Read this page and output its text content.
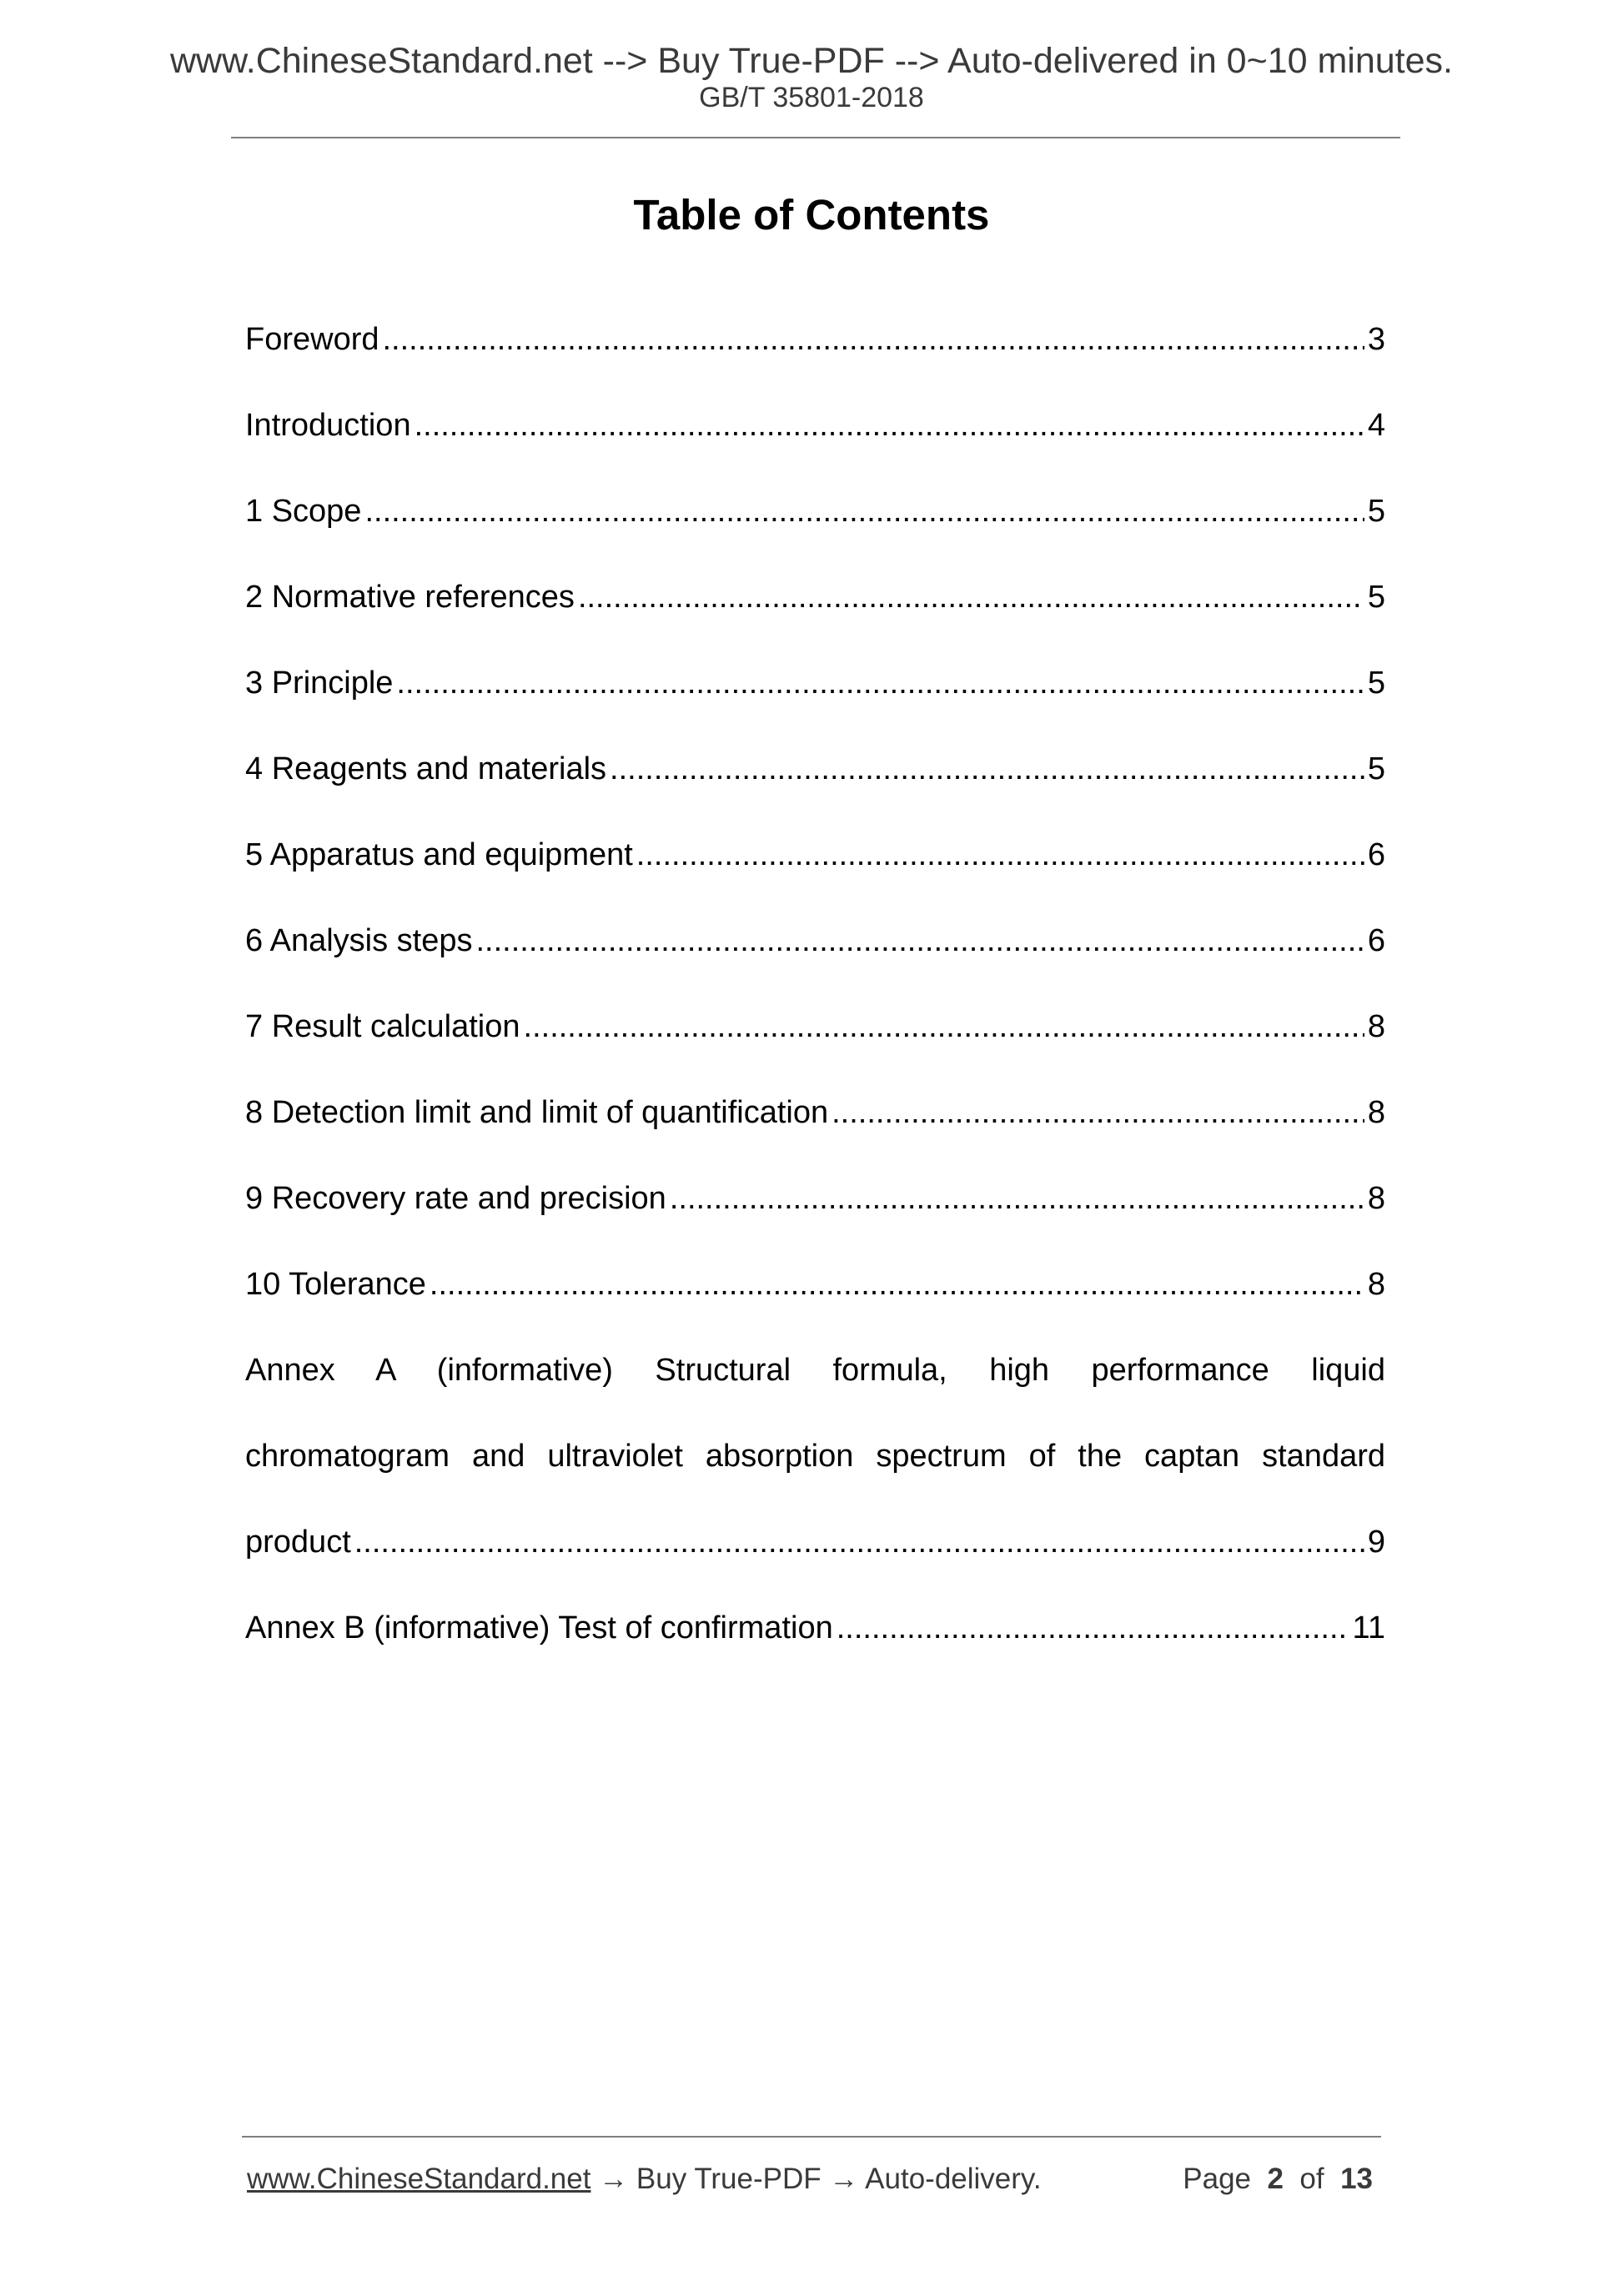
www.ChineseStandard.net --> Buy True-PDF --> Auto-delivered in 0~10 minutes.
GB/T 35801-2018
Table of Contents
Foreword .....	3
Introduction .....	4
1 Scope .....	5
2 Normative references .....	5
3 Principle .....	5
4 Reagents and materials .....	5
5 Apparatus and equipment .....	6
6 Analysis steps .....	6
7 Result calculation .....	8
8 Detection limit and limit of quantification .....	8
9 Recovery rate and precision .....	8
10 Tolerance .....	8
Annex A (informative) Structural formula, high performance liquid
chromatogram and ultraviolet absorption spectrum of the captan standard
product .....	9
Annex B (informative) Test of confirmation .....	11
www.ChineseStandard.net → Buy True-PDF → Auto-delivery.	Page 2 of 13
